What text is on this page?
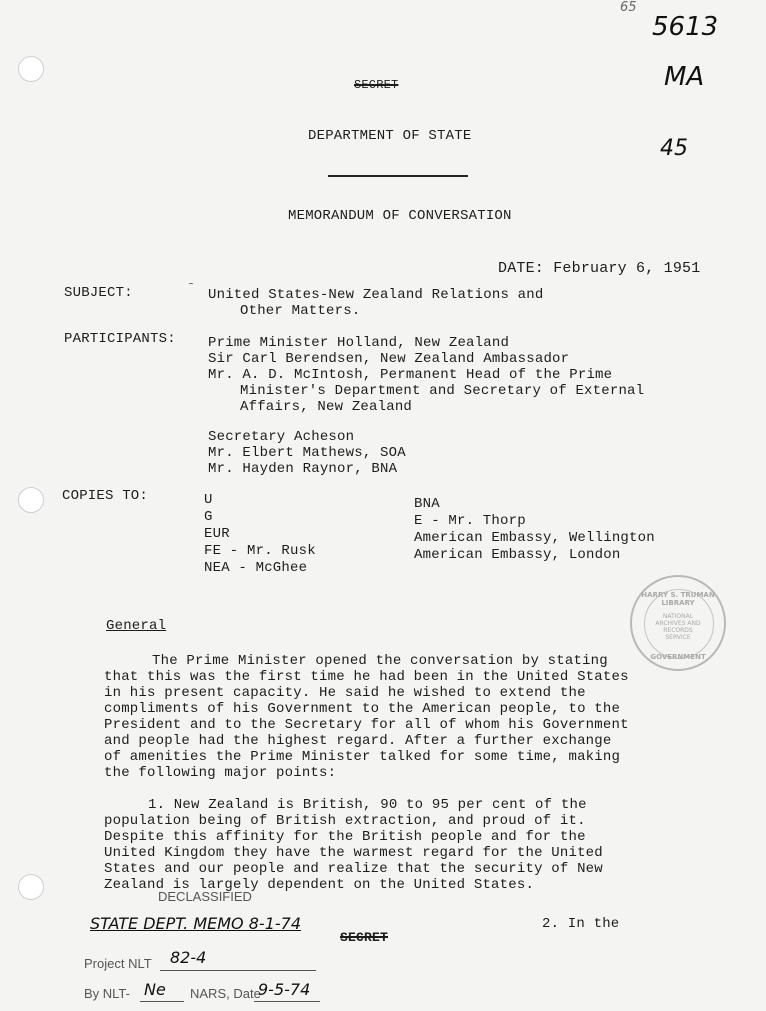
65
5613
MA
45
SECRET
DEPARTMENT OF STATE
MEMORANDUM OF CONVERSATION
DATE: February 6, 1951
SUBJECT:	˜ United States-New Zealand Relations and
Other Matters.
PARTICIPANTS: Prime Minister Holland, New Zealand
Sir Carl Berendsen, New Zealand Ambassador
Mr. A. D. McIntosh, Permanent Head of the Prime
Minister's Department and Secretary of External
Affairs, New Zealand
Secretary Acheson
Mr. Elbert Mathews, SOA
Mr. Hayden Raynor, BNA
COPIES TO:	U
G
EUR
FE - Mr. Rusk
NEA - McGhee
BNA
E - Mr. Thorp
American Embassy, Wellington
American Embassy, London
HARRY S. TRUMAN LIBRARY
NATIONAL
ARCHIVES AND
RECORDS
SERVICE
GOVERNMENT
General
The Prime Minister opened the conversation by stating
that this was the first time he had been in the United States
in his present capacity. He said he wished to extend the
compliments of his Government to the American people, to the
President and to the Secretary for all of whom his Government
and people had the highest regard. After a further exchange
of amenities the Prime Minister talked for some time, making
the following major points:
1. New Zealand is British, 90 to 95 per cent of the
population being of British extraction, and proud of it.
Despite this affinity for the British people and for the
United Kingdom they have the warmest regard for the United
States and our people and realize that the security of New
Zealand is largely dependent on the United States.
DECLASSIFIED
STATE DEPT. MEMO 8-1-74
SECRET
2. In the
Project NLT 82-4
By NLT- Ne NARS, Date
9-5-74
